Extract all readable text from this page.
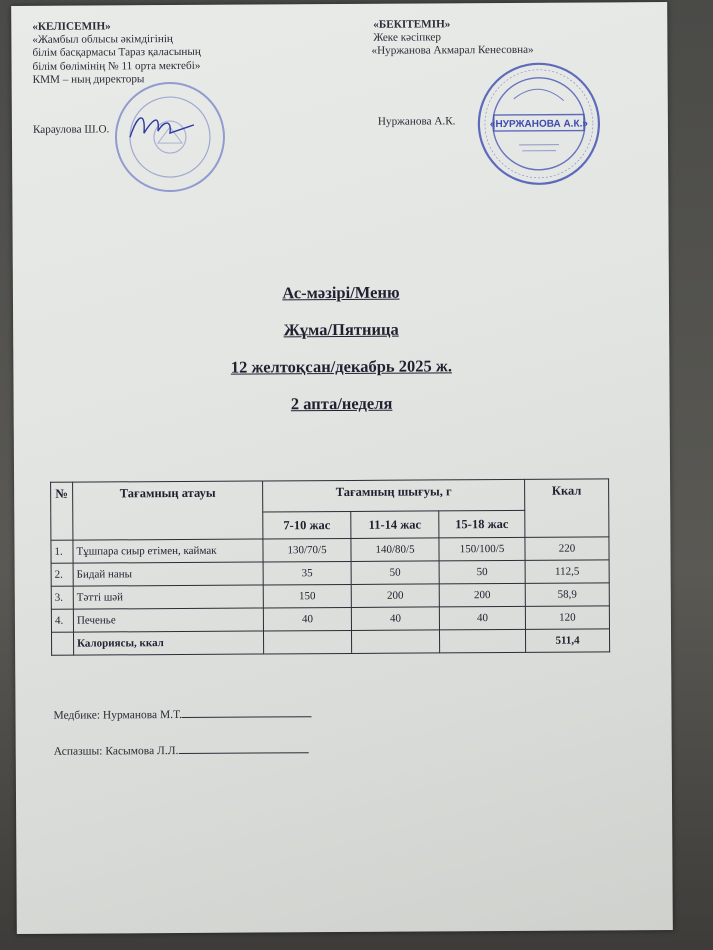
«КЕЛІСЕМІН»
«Жамбыл облысы әкімдігінің
білім басқармасы Тараз қаласының
білім бөлімінің № 11 орта мектебі»
КММ – ның директоры
Караулова Ш.О.
«БЕКІТЕМІН»
Жеке кәсіпкер
«Нуржанова Акмарал Кенесовна»
Нуржанова А.К.	«НУРЖАНОВА А.К.»
Ас-мәзірі/Меню
Жұма/Пятница
12 желтоқсан/декабрь 2025 ж.
2 апта/неделя
№	Тағамның атауы	Тағамның шығуы, г			Ккал
		7-10 жас	11-14 жас	15-18 жас	
1.	Тұшпара сиыр етімен, каймак	130/70/5	140/80/5	150/100/5	220
2.	Бидай наны	35	50	50	112,5
3.	Тәтті шәй	150	200	200	58,9
4.	Печенье	40	40	40	120
	Калориясы, ккал				511,4
Медбике: Нурманова М.Т.
Аспазшы: Касымова Л.Л.
